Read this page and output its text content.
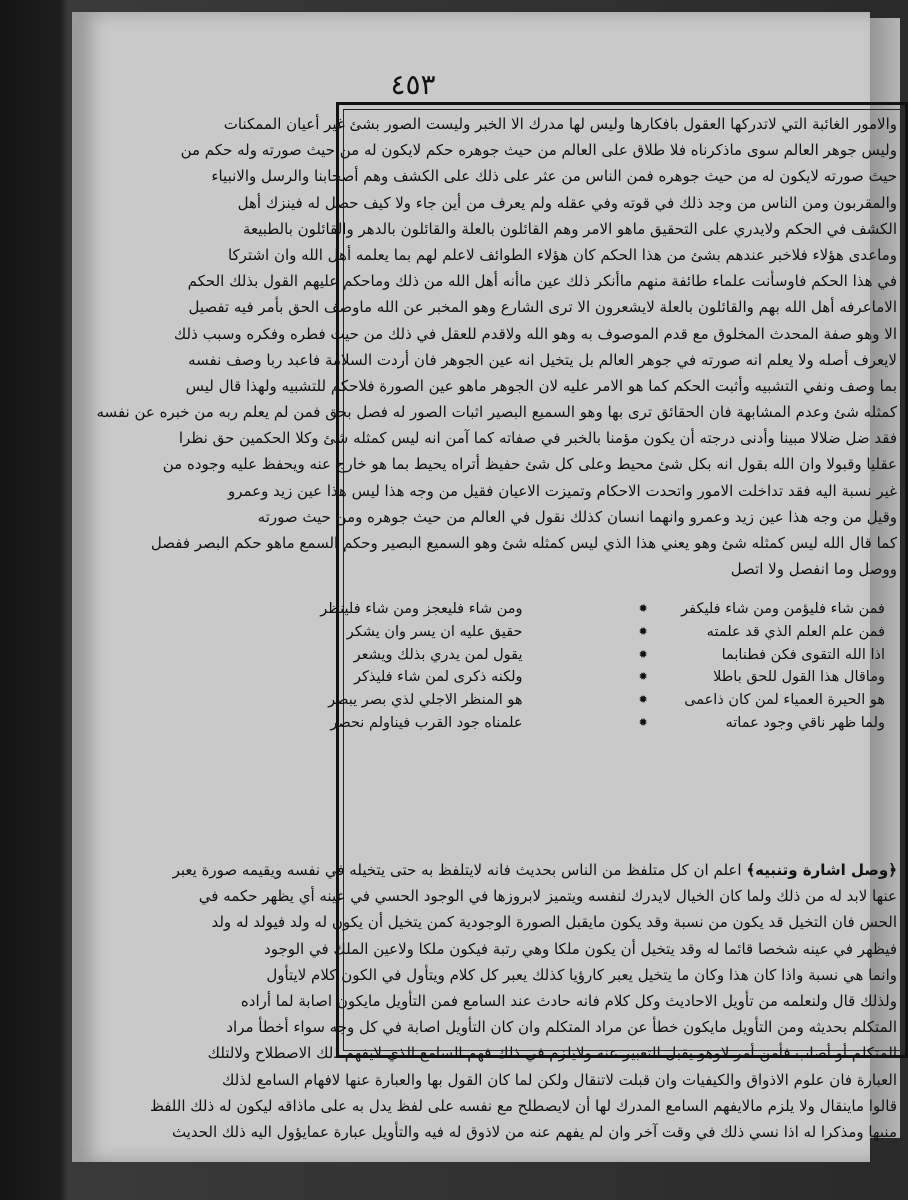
٤٥٣
والامور الغائبة التي لاتدركها العقول بافكارها وليس لها مدرك الا الخبر وليست الصور بشئ غير أعيان الممكنات
وليس جوهر العالم سوى ماذكرناه فلا طلاق على العالم من حيث جوهره حكم لايكون له من حيث صورته وله حكم من
حيث صورته لايكون له من حيث جوهره فمن الناس من عثر على ذلك على الكشف وهم أصحابنا والرسل والانبياء
والمقربون ومن الناس من وجد ذلك في قوته وفي عقله ولم يعرف من أين جاء ولا كيف حصل له فينزك أهل
الكشف في الحكم ولايدري على التحقيق ماهو الامر وهم القائلون بالعلة والقائلون بالدهر والقائلون بالطبيعة
وماعدى هؤلاء فلاخبر عندهم بشئ من هذا الحكم كان هؤلاء الطوائف لاعلم لهم بما يعلمه أهل الله وان اشتركا
في هذا الحكم فاوسأنت علماء طائفة منهم ماأنكر ذلك عين ماأنه أهل الله من ذلك وماحكم عليهم القول بذلك الحكم
الاماعرفه أهل الله بهم والقائلون بالعلة لايشعرون الا ترى الشارع وهو المخبر عن الله ماوصف الحق بأمر فيه تفصيل
الا وهو صفة المحدث المخلوق مع قدم الموصوف به وهو الله ولاقدم للعقل في ذلك من حيث فطره وفكره وسبب ذلك
لايعرف أصله ولا يعلم انه صورته في جوهر العالم بل يتخيل انه عين الجوهر فان أردت السلامة فاعبد ربا وصف نفسه
بما وصف ونفي التشبيه وأثبت الحكم كما هو الامر عليه لان الجوهر ماهو عين الصورة فلاحكم للتشبيه ولهذا قال ليس
كمثله شئ وعدم المشابهة فان الحقائق ترى بها وهو السميع البصير اثبات الصور له فصل بحق فمن لم يعلم ربه من خبره عن نفسه
فقد ضل ضلالا مبينا وأدنى درجته أن يكون مؤمنا بالخبر في صفاته كما آمن انه ليس كمثله شئ وكلا الحكمين حق نظرا
عقليا وقبولا وان الله بقول انه بكل شئ محيط وعلى كل شئ حفيظ أتراه يحيط بما هو خارج عنه ويحفظ عليه وجوده من
غير نسبة اليه فقد تداخلت الامور واتحدت الاحكام وتميزت الاعيان فقيل من وجه هذا ليس هذا عين زيد وعمرو
وقيل من وجه هذا عين زيد وعمرو وانهما انسان كذلك نقول في العالم من حيث جوهره ومن حيث صورته
كما قال الله ليس كمثله شئ وهو يعني هذا الذي ليس كمثله شئ وهو السميع البصير وحكم السمع ماهو حكم البصر ففصل
ووصل وما انفصل ولا اتصل
فمن شاء فليؤمن ومن شاء فليكفر
✹
ومن شاء فليعجز ومن شاء فلينظر
فمن علم العلم الذي قد علمته
✹
حقيق عليه ان يسر وان يشكر
اذا الله التقوى فكن فطنابما
✹
يقول لمن يدري بذلك ويشعر
وماقال هذا القول للحق باطلا
✹
ولكنه ذكرى لمن شاء فليذكر
هو الحيرة العمياء لمن كان ذاعمى
✹
هو المنظر الاجلي لذي بصر يبصر
ولما ظهر ناقي وجود عماته
✹
علمناه جود القرب فيناولم نحصر
﴿وصل اشارة وتنبيه﴾ اعلم ان كل متلفظ من الناس بحديث فانه لايتلفظ به حتى يتخيله في نفسه ويقيمه صورة يعبر
عنها لابد له من ذلك ولما كان الخيال لايدرك لنفسه ويتميز لابروزها في الوجود الحسي في عينه أي يظهر حكمه في
الحس فان التخيل قد يكون من نسبة وقد يكون مايقبل الصورة الوجودية كمن يتخيل أن يكون له ولد فيولد له ولد
فيظهر في عينه شخصا قائما له وقد يتخيل أن يكون ملكا وهي رتبة فيكون ملكا ولاعين الملك في الوجود
وانما هي نسبة واذا كان هذا وكان ما يتخيل يعبر كارؤيا كذلك يعبر كل كلام ويتأول في الكون كلام لايتأول
ولذلك قال ولنعلمه من تأويل الاحاديث وكل كلام فانه حادث عند السامع فمن التأويل مايكون اصابة لما أراده
المتكلم بحديثه ومن التأويل مايكون خطأ عن مراد المتكلم وان كان التأويل اصابة في كل وجه سواء أخطأ مراد
المتكلم أو أصاب فأمن أمر لاوهو يقبل التعبير عنه ولايلزم في ذلك فهم السامع الذي لايفهم ذلك الاصطلاح ولالتلك
العبارة فان علوم الاذواق والكيفيات وان قبلت لاتنقال ولكن لما كان القول بها والعبارة عنها لافهام السامع لذلك
قالوا ماينقال ولا يلزم مالايفهم السامع المدرك لها أن لايصطلح مع نفسه على لفظ يدل به على ماذاقه ليكون له ذلك اللفظ
منبها ومذكرا له اذا نسي ذلك في وقت آخر وان لم يفهم عنه من لاذوق له فيه والتأويل عبارة عمايؤول اليه ذلك الحديث
